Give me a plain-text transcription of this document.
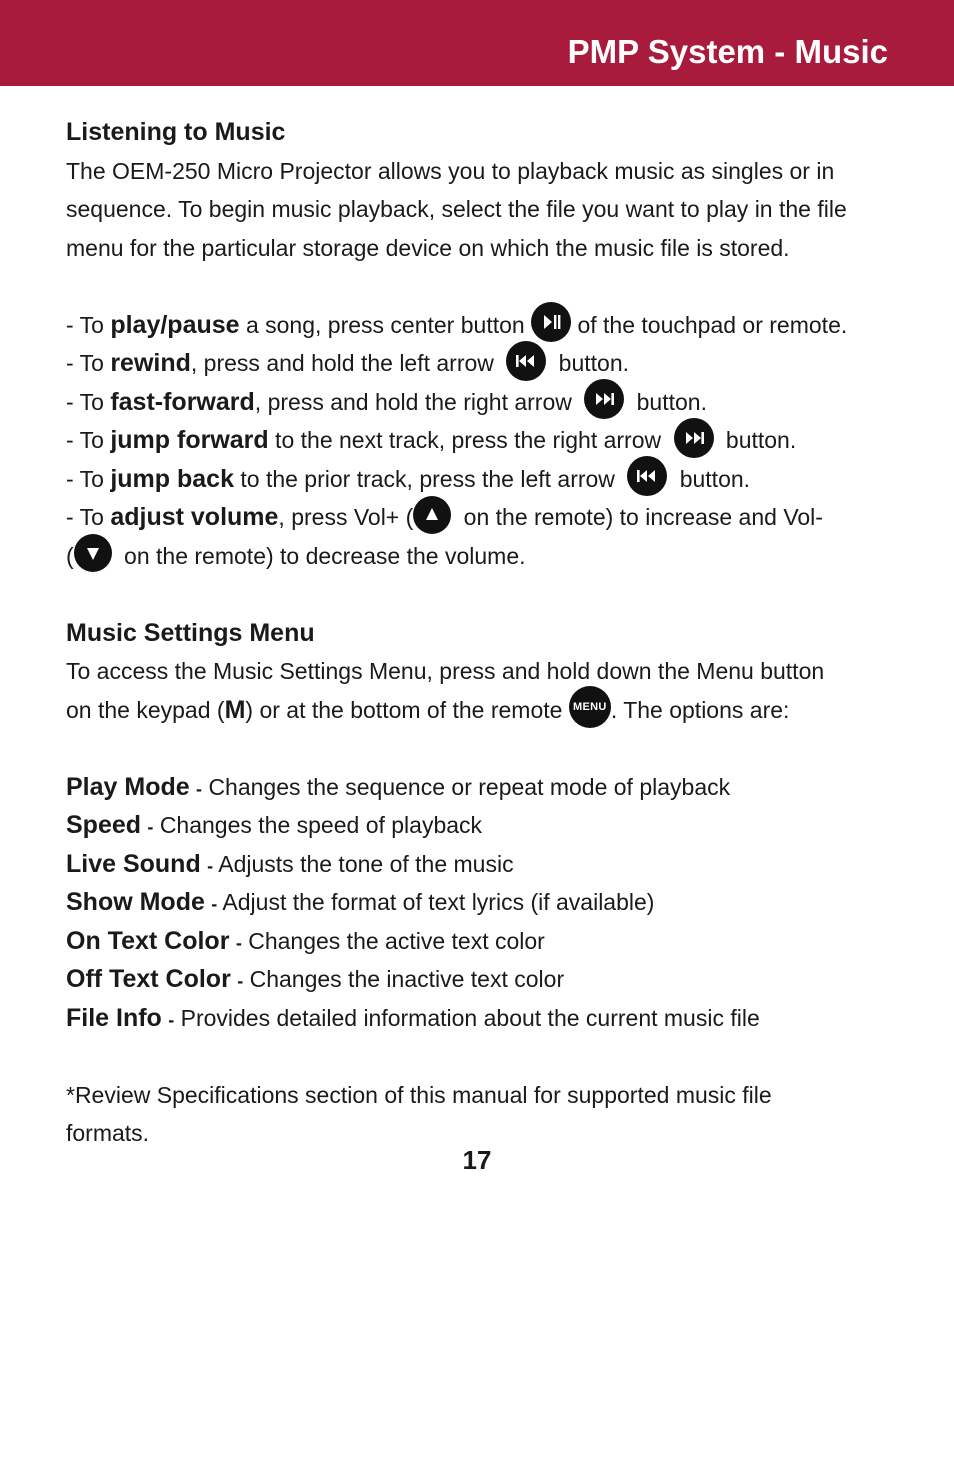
PMP System - Music
Listening to Music
The OEM-250 Micro Projector allows you to playback music as singles or in
sequence. To begin music playback, select the file you want to play in the file
menu for the particular storage device on which the music file is stored.
- To play/pause a song, press center button
of the touchpad or remote.
- To rewind, press and hold the left arrow
button.
- To fast-forward, press and hold the right arrow
button.
- To jump forward to the next track, press the right arrow
button.
- To jump back to the prior track, press the left arrow
button.
- To adjust volume, press Vol+ (
on the remote) to increase and Vol-
(
on the remote) to decrease the volume.
Music Settings Menu
To access the Music Settings Menu, press and hold down the Menu button
on the keypad (M) or at the bottom of the remote MENU . The options are:
Play Mode - Changes the sequence or repeat mode of playback
Speed - Changes the speed of playback
Live Sound - Adjusts the tone of the music
Show Mode - Adjust the format of text lyrics (if available)
On Text Color - Changes the active text color
Off Text Color - Changes the inactive text color
File Info - Provides detailed information about the current music file
*Review Specifications section of this manual for supported music file
formats.
17
